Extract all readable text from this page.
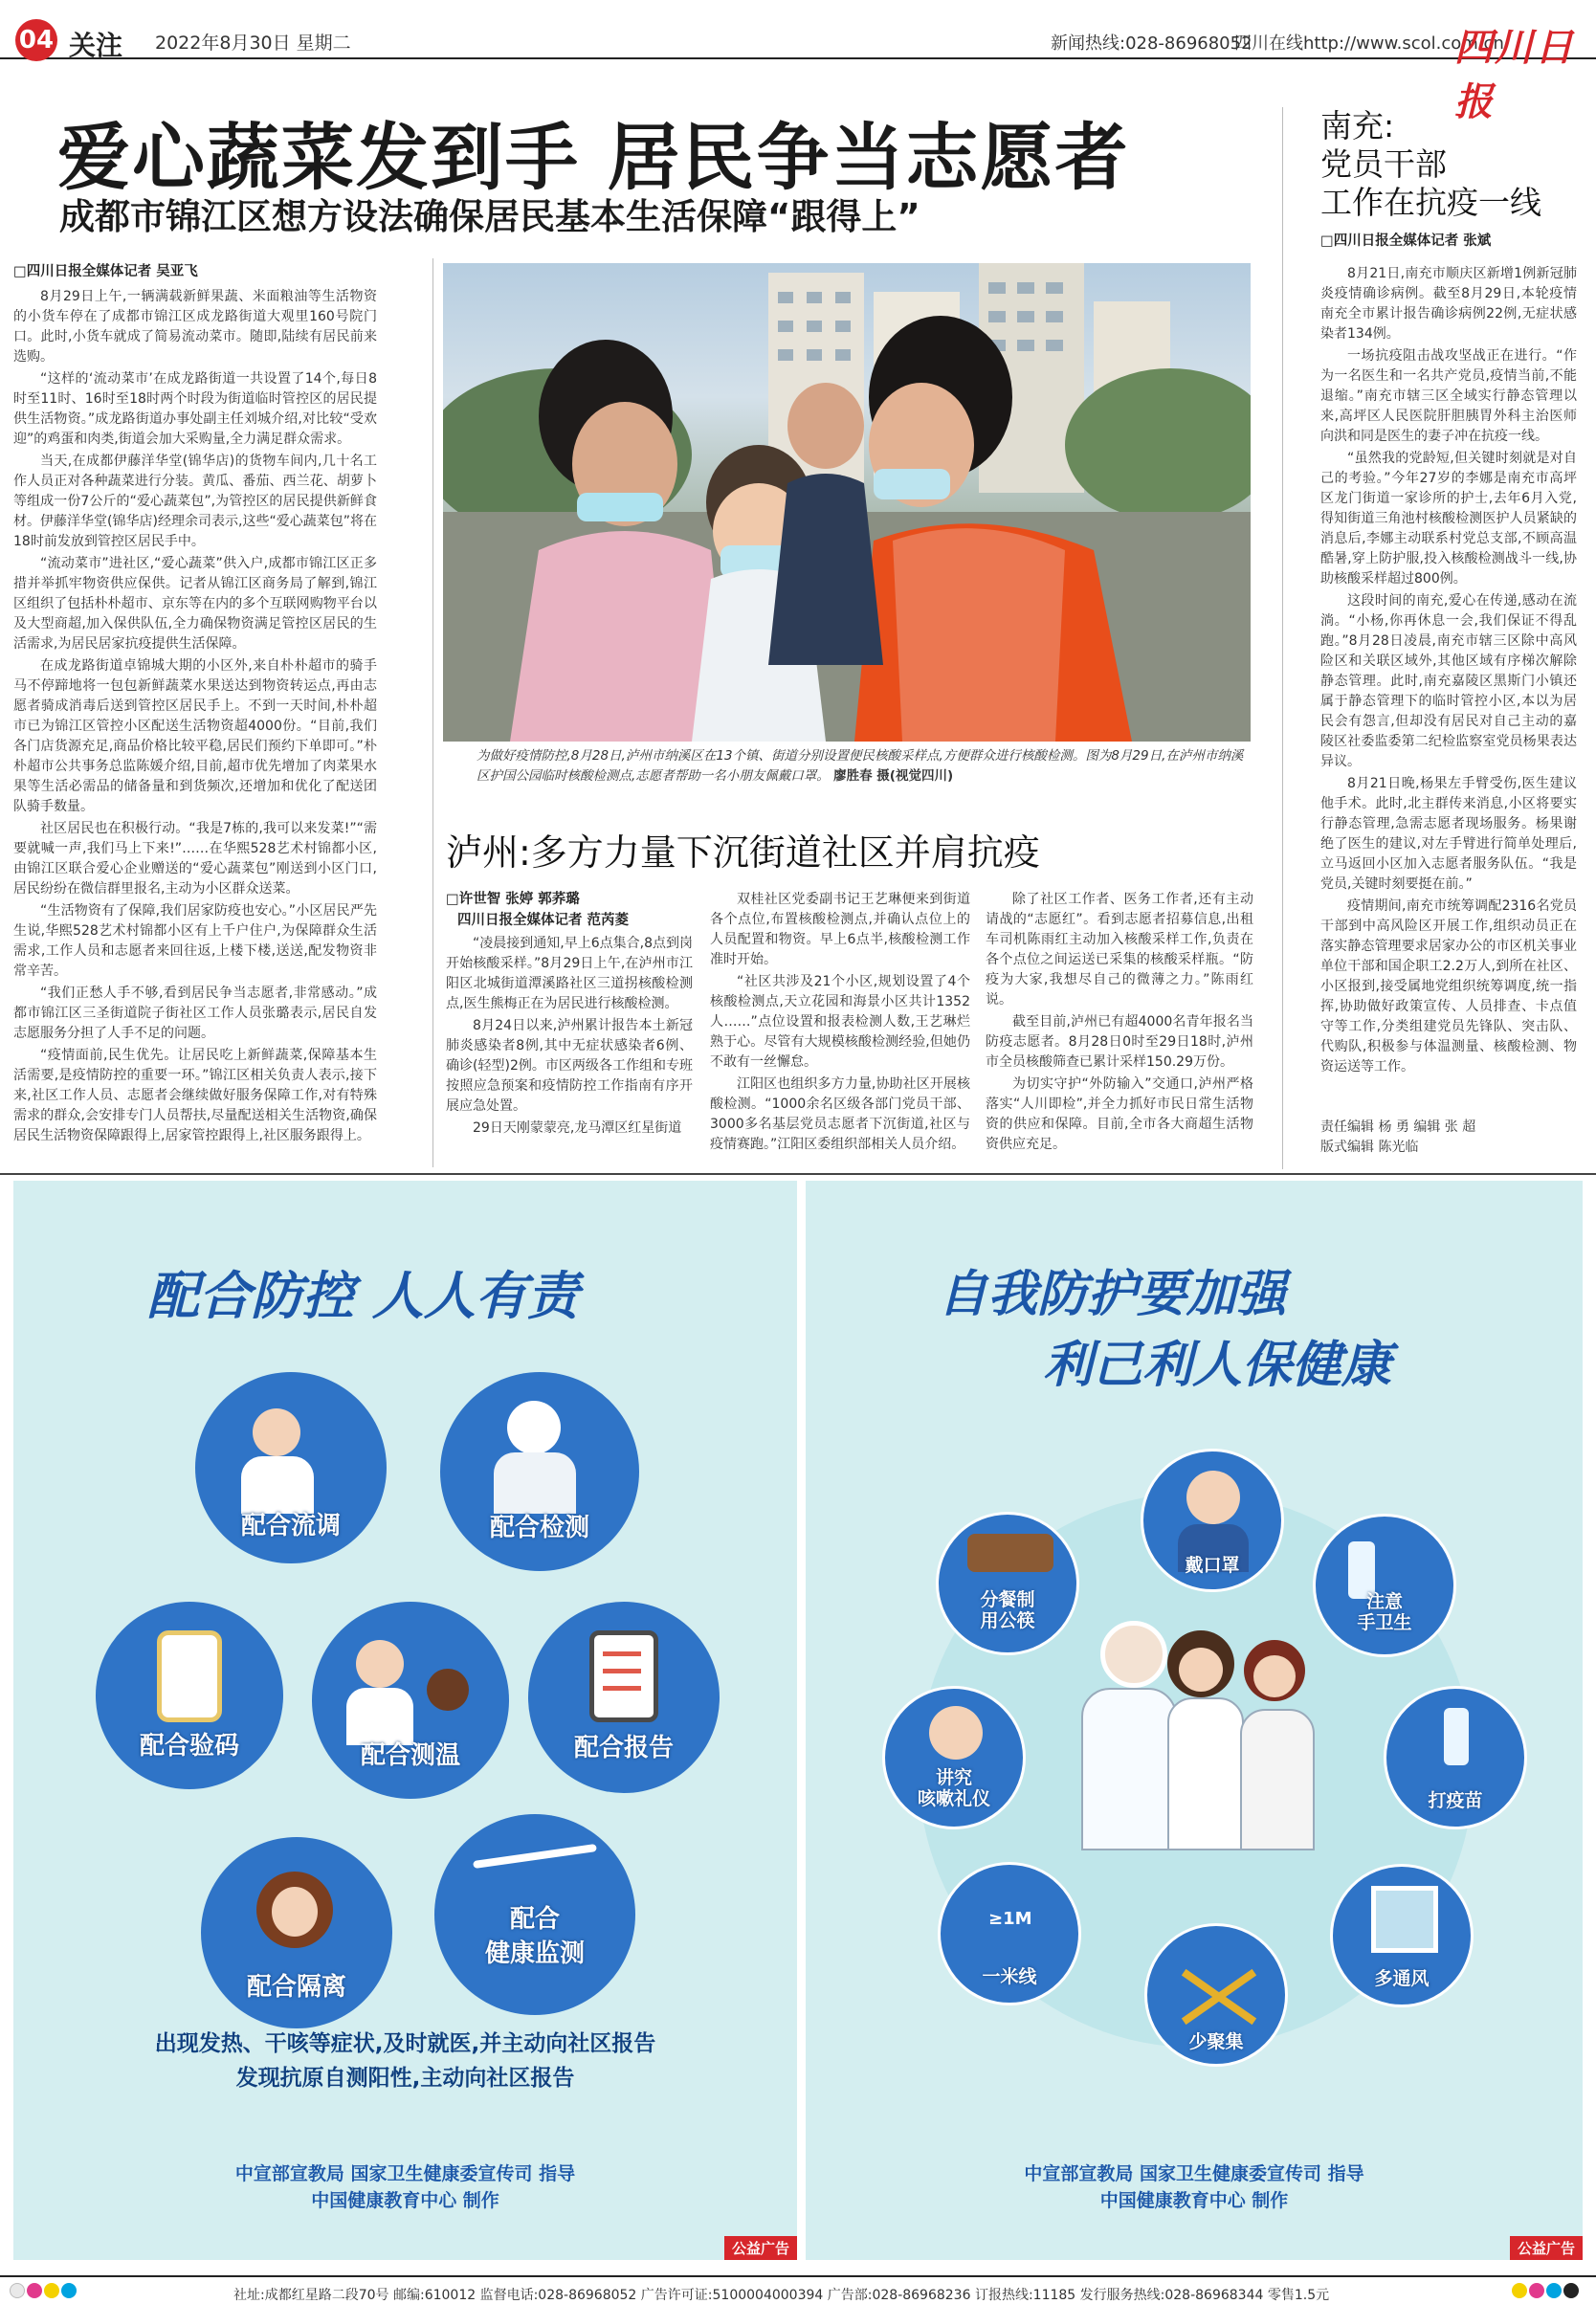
04 关注 2022年8月30日 星期二	新闻热线:028-86968052
四川在线http://www.scol.com.cn
四川日报
爱心蔬菜发到手 居民争当志愿者
成都市锦江区想方设法确保居民基本生活保障“跟得上”
□四川日报全媒体记者 吴亚飞

8月29日上午,一辆满载新鲜果蔬、米面粮油等生活物资的小货车停在了成都市锦江区成龙路街道大观里160号院门口。此时,小货车就成了简易流动菜市。随即,陆续有居民前来选购。

“这样的‘流动菜市’在成龙路街道一共设置了14个,每日8时至11时、16时至18时两个时段为街道临时管控区的居民提供生活物资。”成龙路街道办事处副主任刘城介绍,对比较“受欢迎”的鸡蛋和肉类,街道会加大采购量,全力满足群众需求。

当天,在成都伊藤洋华堂(锦华店)的货物车间内,几十名工作人员正对各种蔬菜进行分装。黄瓜、番茄、西兰花、胡萝卜等组成一份7公斤的“爱心蔬菜包”,为管控区的居民提供新鲜食材。伊藤洋华堂(锦华店)经理余司表示,这些“爱心蔬菜包”将在18时前发放到管控区居民手中。

“流动菜市”进社区,“爱心蔬菜”供入户,成都市锦江区正多措并举抓牢物资供应保供。记者从锦江区商务局了解到,锦江区组织了包括朴朴超市、京东等在内的多个互联网购物平台以及大型商超,加入保供队伍,全力确保物资满足管控区居民的生活需求,为居民居家抗疫提供生活保障。

在成龙路街道卓锦城大期的小区外,来自朴朴超市的骑手马不停蹄地将一包包新鲜蔬菜水果送达到物资转运点,再由志愿者骑成消毒后送到管控区居民手上。不到一天时间,朴朴超市已为锦江区管控小区配送生活物资超4000份。“目前,我们各门店货源充足,商品价格比较平稳,居民们预约下单即可。”朴朴超市公共事务总监陈媛介绍,目前,超市优先增加了肉菜果水果等生活必需品的储备量和到货频次,还增加和优化了配送团队骑手数量。

社区居民也在积极行动。“我是7栋的,我可以来发菜!”“需要就喊一声,我们马上下来!”……在华熙528艺术村锦都小区,由锦江区联合爱心企业赠送的“爱心蔬菜包”刚送到小区门口,居民纷纷在微信群里报名,主动为小区群众送菜。

“生活物资有了保障,我们居家防疫也安心。”小区居民严先生说,华熙528艺术村锦都小区有上千户住户,为保障群众生活需求,工作人员和志愿者来回往返,上楼下楼,送送,配发物资非常辛苦。

“我们正愁人手不够,看到居民争当志愿者,非常感动。”成都市锦江区三圣街道院子街社区工作人员张璐表示,居民自发志愿服务分担了人手不足的问题。

“疫情面前,民生优先。让居民吃上新鲜蔬菜,保障基本生活需要,是疫情防控的重要一环。”锦江区相关负责人表示,接下来,社区工作人员、志愿者会继续做好服务保障工作,对有特殊需求的群众,会安排专门人员帮扶,尽量配送相关生活物资,确保居民生活物资保障跟得上,居家管控跟得上,社区服务跟得上。

为做好疫情防控,8月28日,泸州市纳溪区在13个镇、街道分别设置便民核酸采样点,方便群众进行核酸检测。图为8月29日,在泸州市纳溪区护国公园临时核酸检测点,志愿者帮助一名小朋友佩戴口罩。 廖胜春 摄(视觉四川)
泸州:多方力量下沉街道社区并肩抗疫
□许世智 张婷 郭荞璐
四川日报全媒体记者 范芮菱

“凌晨接到通知,早上6点集合,8点到岗开始核酸采样。”8月29日上午,在泸州市江阳区北城街道潭溪路社区三道拐核酸检测点,医生熊梅正在为居民进行核酸检测。

8月24日以来,泸州累计报告本土新冠肺炎感染者8例,其中无症状感染者6例、确诊(轻型)2例。市区两级各工作组和专班按照应急预案和疫情防控工作指南有序开展应急处置。

29日天刚蒙蒙亮,龙马潭区红星街道

双桂社区党委副书记王艺琳便来到街道各个点位,布置核酸检测点,并确认点位上的人员配置和物资。早上6点半,核酸检测工作准时开始。

“社区共涉及21个小区,规划设置了4个核酸检测点,天立花园和海景小区共计1352人……”点位设置和报表检测人数,王艺琳烂熟于心。尽管有大规模核酸检测经验,但她仍不敢有一丝懈怠。

江阳区也组织多方力量,协助社区开展核酸检测。“1000余名区级各部门党员干部、3000多名基层党员志愿者下沉街道,社区与疫情赛跑。”江阳区委组织部相关人员介绍。

除了社区工作者、医务工作者,还有主动请战的“志愿红”。看到志愿者招募信息,出租车司机陈雨红主动加入核酸采样工作,负责在各个点位之间运送已采集的核酸采样瓶。“防疫为大家,我想尽自己的微薄之力。”陈雨红说。

截至目前,泸州已有超4000名青年报名当防疫志愿者。8月28日0时至29日18时,泸州市全员核酸筛查已累计采样150.29万份。

为切实守护“外防输入”交通口,泸州严格落实“人川即检”,并全力抓好市民日常生活物资的供应和保障。目前,全市各大商超生活物资供应充足。

南充:
党员干部
工作在抗疫一线
□四川日报全媒体记者 张斌

8月21日,南充市顺庆区新增1例新冠肺炎疫情确诊病例。截至8月29日,本轮疫情南充全市累计报告确诊病例22例,无症状感染者134例。

一场抗疫阻击战攻坚战正在进行。“作为一名医生和一名共产党员,疫情当前,不能退缩。”南充市辖三区全域实行静态管理以来,高坪区人民医院肝胆胰胃外科主治医师向洪和同是医生的妻子冲在抗疫一线。

“虽然我的党龄短,但关键时刻就是对自己的考验。”今年27岁的李娜是南充市高坪区龙门街道一家诊所的护士,去年6月入党,得知街道三角池村核酸检测医护人员紧缺的消息后,李娜主动联系村党总支部,不顾高温酷暑,穿上防护服,投入核酸检测战斗一线,协助核酸采样超过800例。

这段时间的南充,爱心在传递,感动在流淌。“小杨,你再休息一会,我们保证不得乱跑。”8月28日凌晨,南充市辖三区除中高风险区和关联区域外,其他区域有序梯次解除静态管理。此时,南充嘉陵区黑斯门小镇还属于静态管理下的临时管控小区,本以为居民会有怨言,但却没有居民对自己主动的嘉陵区社委监委第二纪检监察室党员杨果表达异议。

8月21日晚,杨果左手臂受伤,医生建议他手术。此时,北主群传来消息,小区将要实行静态管理,急需志愿者现场服务。杨果谢绝了医生的建议,对左手臂进行简单处理后,立马返回小区加入志愿者服务队伍。“我是党员,关键时刻要挺在前。”

疫情期间,南充市统筹调配2316名党员干部到中高风险区开展工作,组织动员正在落实静态管理要求居家办公的市区机关事业单位干部和国企职工2.2万人,到所在社区、小区报到,接受属地党组织统筹调度,统一指挥,协助做好政策宣传、人员排查、卡点值守等工作,分类组建党员先锋队、突击队、代购队,积极参与体温测量、核酸检测、物资运送等工作。

责任编辑 杨 勇 编辑 张 超
版式编辑 陈光临
配合防控 人人有责
配合流调	配合检测
配合验码	配合测温	配合报告
配合隔离
配合
健康监测
出现发热、干咳等症状,及时就医,并主动向社区报告
发现抗原自测阳性,主动向社区报告
中宣部宣教局 国家卫生健康委宣传司 指导
中国健康教育中心 制作
公益广告
自我防护要加强
利己利人保健康
戴口罩
注意
手卫生
打疫苗
多通风
少聚集
≥1M
一米线
讲究
咳嗽礼仪
分餐制
用公筷
中宣部宣教局 国家卫生健康委宣传司 指导
中国健康教育中心 制作
公益广告
社址:成都红星路二段70号 邮编:610012 监督电话:028-86968052 广告许可证:5100004000394 广告部:028-86968236 订报热线:11185 发行服务热线:028-86968344 零售1.5元
